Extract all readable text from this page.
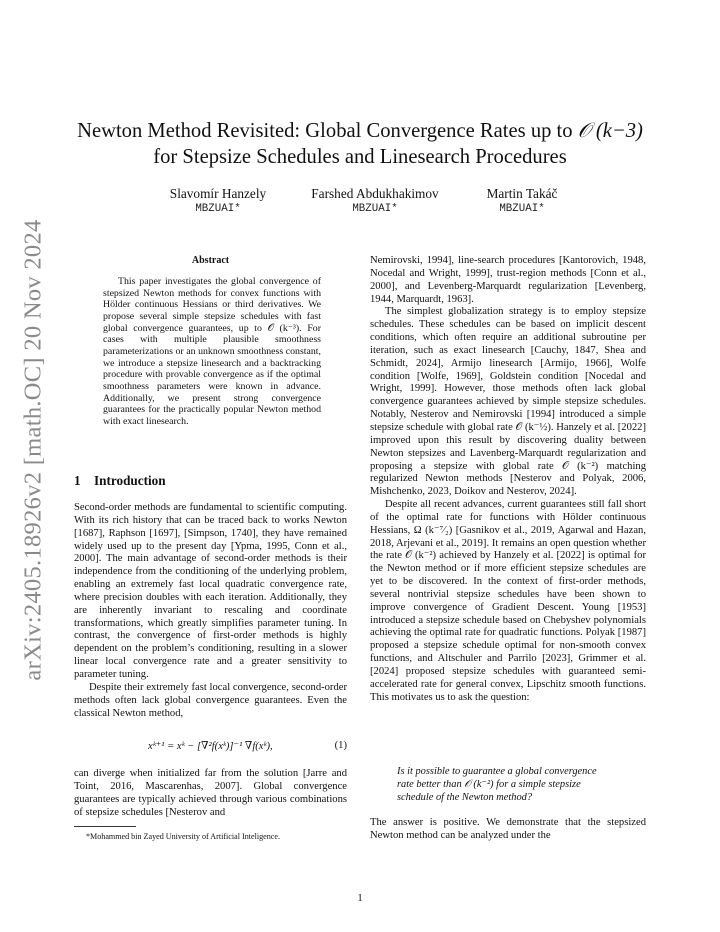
arXiv:2405.18926v2 [math.OC] 20 Nov 2024
Newton Method Revisited: Global Convergence Rates up to 𝒪 (k−3)
for Stepsize Schedules and Linesearch Procedures
Slavomír Hanzely
MBZUAI*
Farshed Abdukhakimov
MBZUAI*
Martin Takáč
MBZUAI*
Abstract

This paper investigates the global convergence of stepsized Newton methods for convex functions with Hölder continuous Hessians or third derivatives. We propose several simple stepsize schedules with fast global convergence guarantees, up to 𝒪 (k⁻³). For cases with multiple plausible smoothness parameterizations or an unknown smoothness constant, we introduce a stepsize linesearch and a backtracking procedure with provable convergence as if the optimal smoothness parameters were known in advance. Additionally, we present strong convergence guarantees for the practically popular Newton method with exact linesearch.

1 Introduction

Second-order methods are fundamental to scientific computing. With its rich history that can be traced back to works Newton [1687], Raphson [1697], [Simpson, 1740], they have remained widely used up to the present day [Ypma, 1995, Conn et al., 2000]. The main advantage of second-order methods is their independence from the conditioning of the underlying problem, enabling an extremely fast local quadratic convergence rate, where precision doubles with each iteration. Additionally, they are inherently invariant to rescaling and coordinate transformations, which greatly simplifies parameter tuning. In contrast, the convergence of first-order methods is highly dependent on the problem’s conditioning, resulting in a slower linear local convergence rate and a greater sensitivity to parameter tuning.

Despite their extremely fast local convergence, second-order methods often lack global convergence guarantees. Even the classical Newton method,

xᵏ⁺¹ = xᵏ − [∇²f(xᵏ)]⁻¹ ∇f(xᵏ),	(1)

can diverge when initialized far from the solution [Jarre and Toint, 2016, Mascarenhas, 2007]. Global convergence guarantees are typically achieved through various combinations of stepsize schedules [Nesterov and

*Mohammed bin Zayed University of Artificial Inteligence.

Nemirovski, 1994], line-search procedures [Kantorovich, 1948, Nocedal and Wright, 1999], trust-region methods [Conn et al., 2000], and Levenberg-Marquardt regularization [Levenberg, 1944, Marquardt, 1963].

The simplest globalization strategy is to employ stepsize schedules. These schedules can be based on implicit descent conditions, which often require an additional subroutine per iteration, such as exact linesearch [Cauchy, 1847, Shea and Schmidt, 2024], Armijo linesearch [Armijo, 1966], Wolfe condition [Wolfe, 1969], Goldstein condition [Nocedal and Wright, 1999]. However, those methods often lack global convergence guarantees achieved by simple stepsize schedules. Notably, Nesterov and Nemirovski [1994] introduced a simple stepsize schedule with global rate 𝒪 (k⁻½). Hanzely et al. [2022] improved upon this result by discovering duality between Newton stepsizes and Lavenberg-Marquardt regularization and proposing a stepsize with global rate 𝒪 (k⁻²) matching regularized Newton methods [Nesterov and Polyak, 2006, Mishchenko, 2023, Doikov and Nesterov, 2024].

Despite all recent advances, current guarantees still fall short of the optimal rate for functions with Hölder continuous Hessians, Ω (k⁻⁷⁄₂) [Gasnikov et al., 2019, Agarwal and Hazan, 2018, Arjevani et al., 2019]. It remains an open question whether the rate 𝒪 (k⁻²) achieved by Hanzely et al. [2022] is optimal for the Newton method or if more efficient stepsize schedules are yet to be discovered. In the context of first-order methods, several nontrivial stepsize schedules have been shown to improve convergence of Gradient Descent. Young [1953] introduced a stepsize schedule based on Chebyshev polynomials achieving the optimal rate for quadratic functions. Polyak [1987] proposed a stepsize schedule optimal for non-smooth convex functions, and Altschuler and Parrilo [2023], Grimmer et al. [2024] proposed stepsize schedules with guaranteed semi-accelerated rate for general convex, Lipschitz smooth functions. This motivates us to ask the question:

Is it possible to guarantee a global convergence rate better than 𝒪 (k⁻²) for a simple stepsize schedule of the Newton method?

The answer is positive. We demonstrate that the stepsized Newton method can be analyzed under the

1
